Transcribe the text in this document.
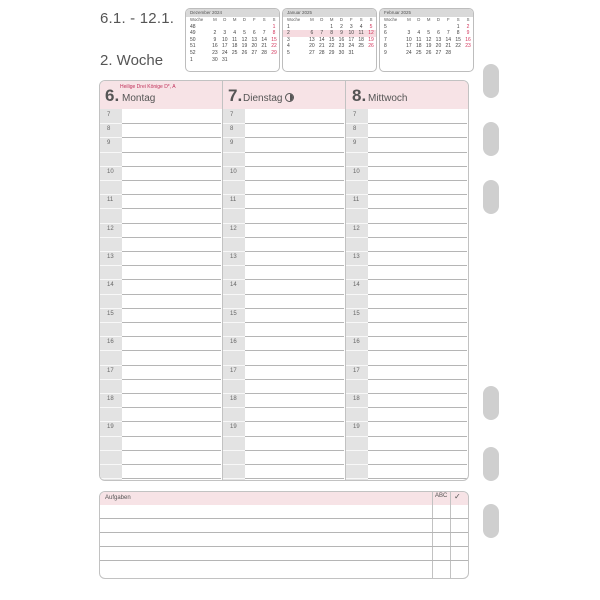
6.1. - 12.1.
2. Woche
Dezember 2024
Woche	M	D	M	D	F	S	S
48							1
49	2	3	4	5	6	7	8
50	9	10	11	12	13	14	15
51	16	17	18	19	20	21	22
52	23	24	25	26	27	28	29
1	30	31					
Januar 2025
Woche	M	D	M	D	F	S	S
1			1	2	3	4	5
2	6	7	8	9	10	11	12
3	13	14	15	16	17	18	19
4	20	21	22	23	24	25	26
5	27	28	29	30	31		
Februar 2025
Woche	M	D	M	D	F	S	S
5						1	2
6	3	4	5	6	7	8	9
7	10	11	12	13	14	15	16
8	17	18	19	20	21	22	23
9	24	25	26	27	28		
Heilige Drei Könige D*, A
6. Montag	7. Dienstag	8. Mittwoch
7	7	7
8	8	8
9	9	9
10	10	10
11	11	11
12	12	12
13	13	13
14	14	14
15	15	15
16	16	16
17	17	17
18	18	18
19	19	19
Aufgaben	ABC ✓
